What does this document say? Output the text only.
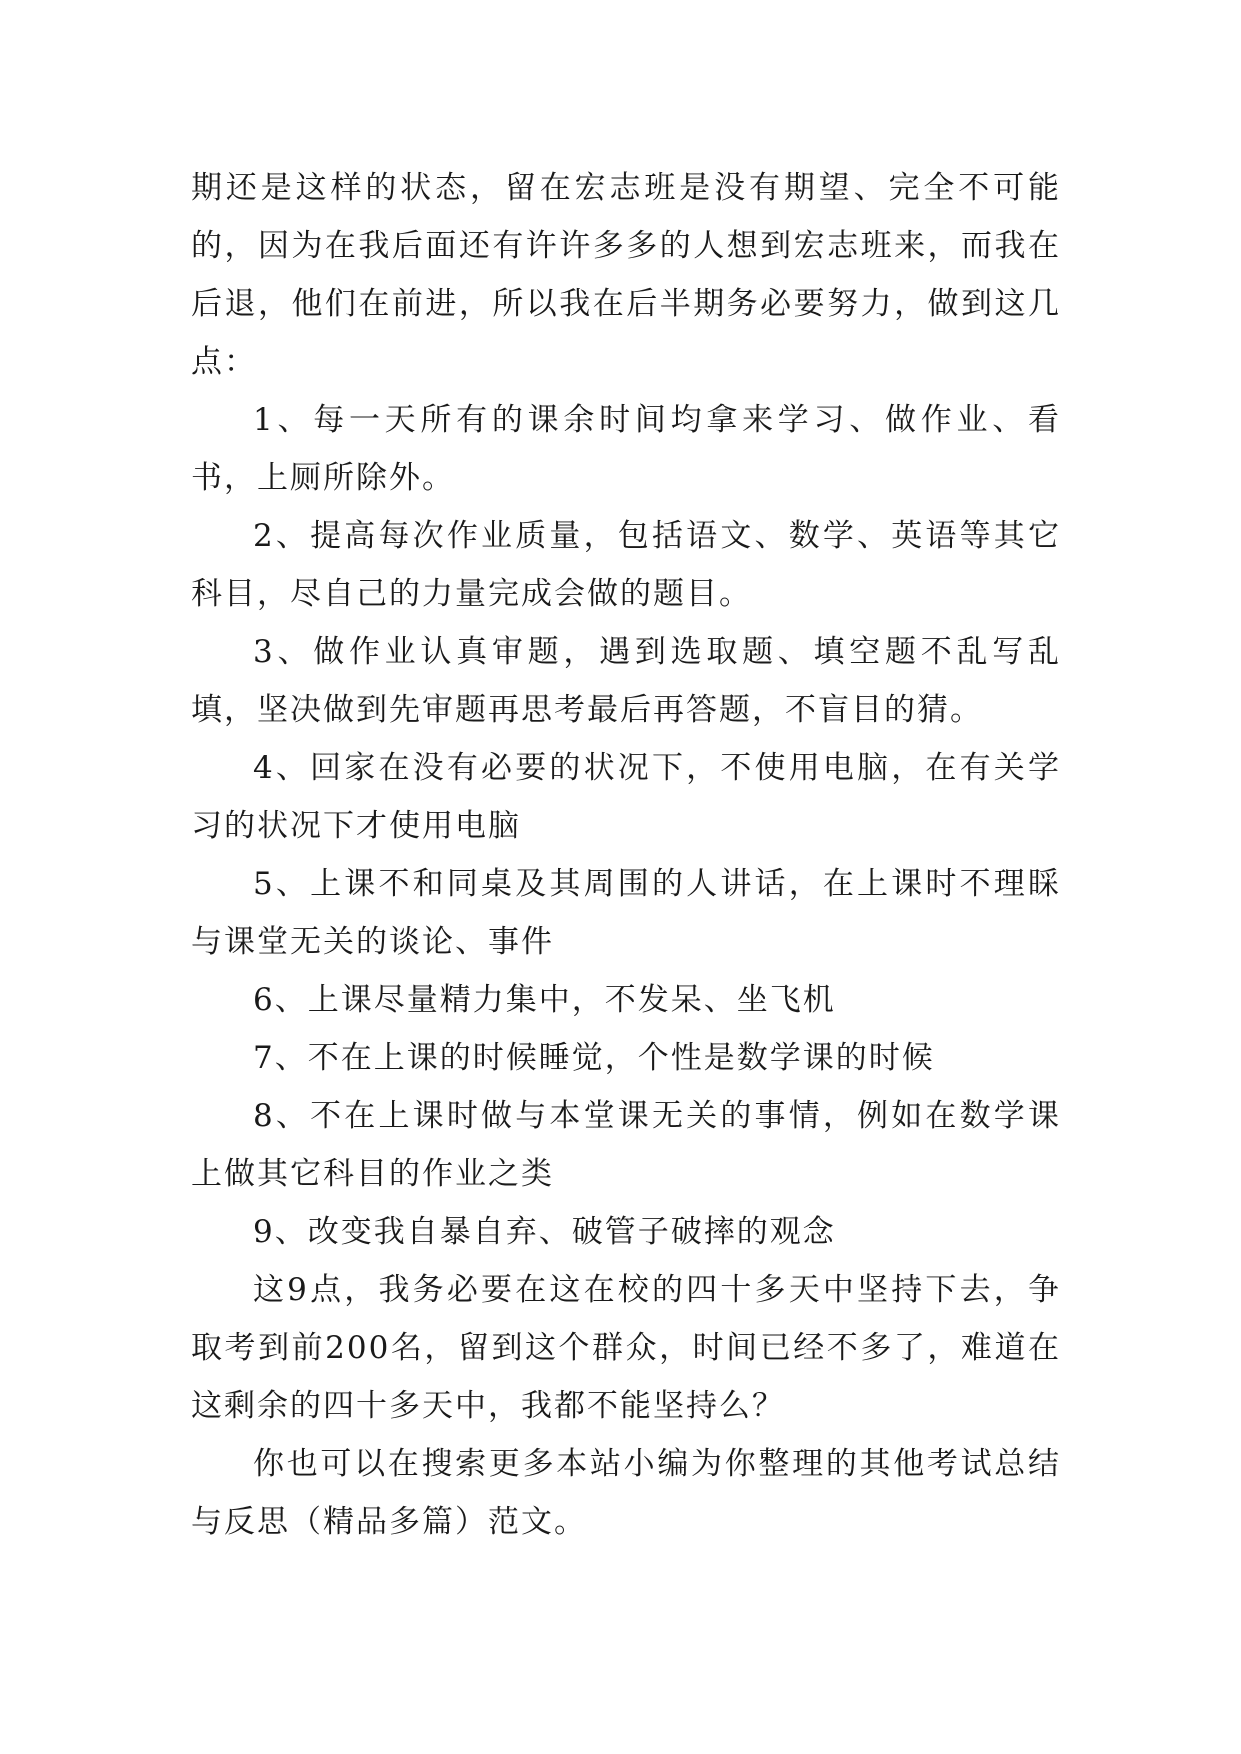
期还是这样的状态，留在宏志班是没有期望、完全不可能的，因为在我后面还有许许多多的人想到宏志班来，而我在后退，他们在前进，所以我在后半期务必要努力，做到这几点：

1、每一天所有的课余时间均拿来学习、做作业、看书，上厕所除外。

2、提高每次作业质量，包括语文、数学、英语等其它科目，尽自己的力量完成会做的题目。

3、做作业认真审题，遇到选取题、填空题不乱写乱填，坚决做到先审题再思考最后再答题，不盲目的猜。

4、回家在没有必要的状况下，不使用电脑，在有关学习的状况下才使用电脑

5、上课不和同桌及其周围的人讲话，在上课时不理睬与课堂无关的谈论、事件

6、上课尽量精力集中，不发呆、坐飞机

7、不在上课的时候睡觉，个性是数学课的时候

8、不在上课时做与本堂课无关的事情，例如在数学课上做其它科目的作业之类

9、改变我自暴自弃、破管子破摔的观念

这9点，我务必要在这在校的四十多天中坚持下去，争取考到前200名，留到这个群众，时间已经不多了，难道在这剩余的四十多天中，我都不能坚持么？

你也可以在搜索更多本站小编为你整理的其他考试总结与反思（精品多篇）范文。
